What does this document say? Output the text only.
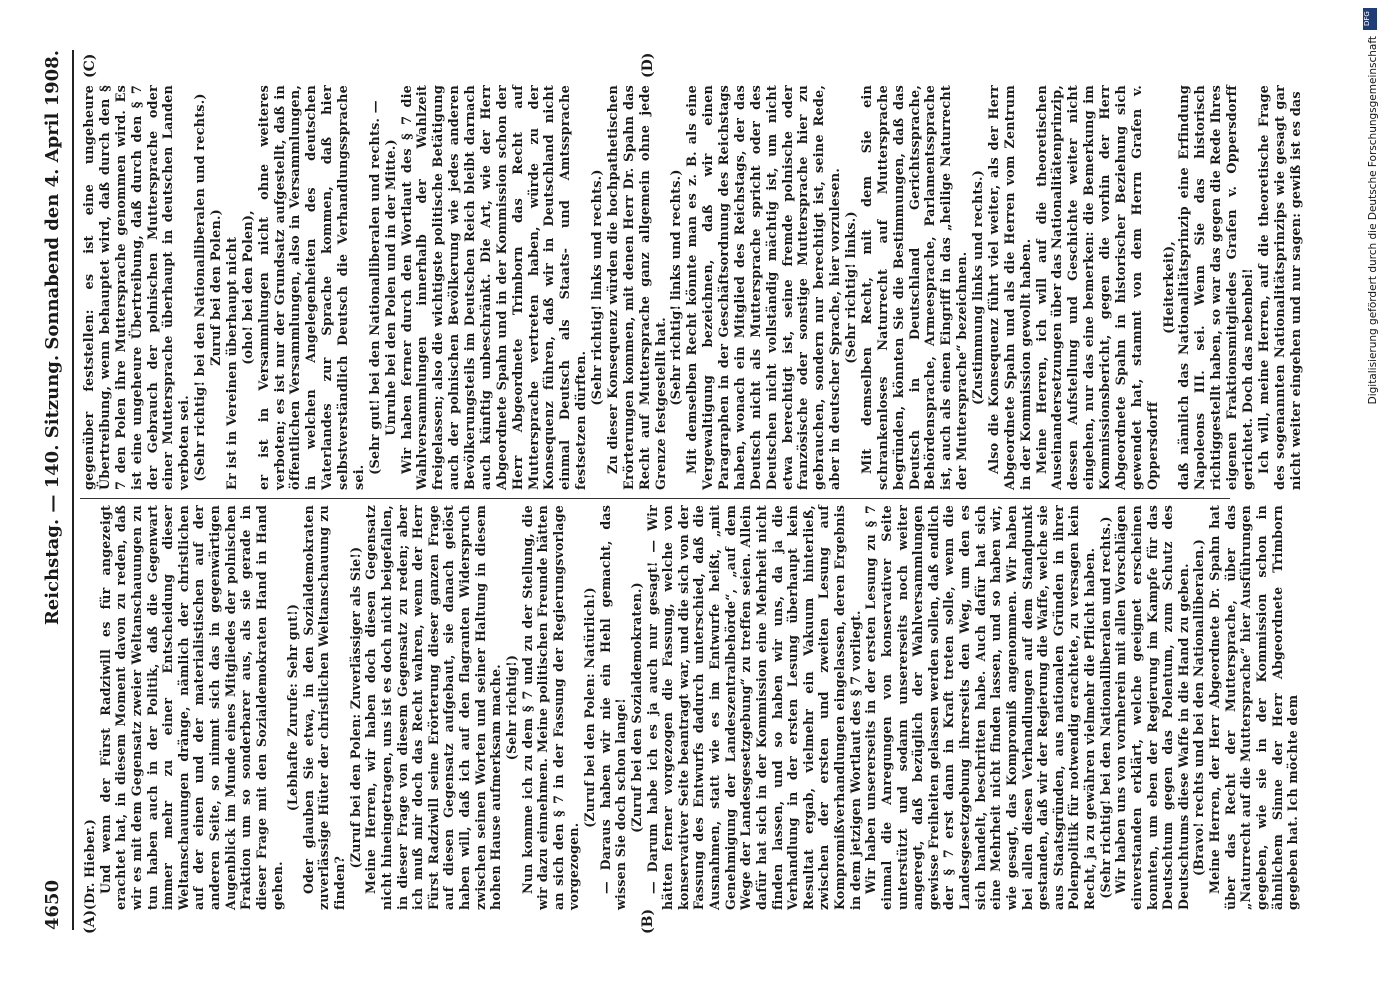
4650
Reichstag. — 140. Sitzung.
Sonnabend den 4. April 1908.
(A)	(B)
(C)	(D)

(Dr. Hieber.) Und wenn der Fürst Radziwill es für angezeigt erachtet hat, in diesem Moment davon zu reden, daß wir es mit dem Gegensatz zweier Weltanschauungen zu tun haben auch in der Politik, daß die Gegenwart immer mehr zu einer Entscheidung dieser Weltanschauungen dränge, nämlich der christlichen auf der einen und der materialistischen auf der anderen Seite, so nimmt sich das in gegenwärtigen Augenblick im Munde eines Mitgliedes der polnischen Fraktion um so sonderbarer aus, als sie gerade in dieser Frage mit den Sozialdemokraten Hand in Hand gehen.

(Lebhafte Zurufe: Sehr gut!) Oder glauben Sie etwa, in den Sozialdemokraten zuverlässige Hüter der christlichen Weltanschauung zu finden?

(Zuruf bei den Polen: Zuverlässiger als Sie!) Meine Herren, wir haben doch diesen Gegensatz nicht hineingetragen, uns ist es doch nicht beigefallen, in dieser Frage von diesem Gegensatz zu reden; aber ich muß mir doch das Recht wahren, wenn der Herr Fürst Radziwill seine Erörterung dieser ganzen Frage auf diesen Gegensatz aufgebaut, sie danach gelöst haben will, daß ich auf den flagranten Widerspruch zwischen seinen Worten und seiner Haltung in diesem hohen Hause aufmerksam mache. (Sehr richtig!) Nun komme ich zu dem § 7 und zu der Stellung, die wir dazu einnehmen. Meine politischen Freunde hätten an sich den § 7 in der Fassung der Regierungsvorlage vorgezogen.

(Zuruf bei den Polen: Natürlich!) — Daraus haben wir nie ein Hehl gemacht, das wissen Sie doch schon lange! (Zuruf bei den Sozialdemokraten.) — Darum habe ich es ja auch nur gesagt! — Wir hätten ferner vorgezogen die Fassung, welche von konservativer Seite beantragt war, und die sich von der Fassung des Entwurfs dadurch unterschied, daß die Ausnahmen, statt wie es im Entwurfe heißt, „mit Genehmigung der Landeszentralbehörde“, „auf dem Wege der Landesgesetzgebung“ zu treffen seien. Allein dafür hat sich in der Kommission eine Mehrheit nicht finden lassen, und so haben wir uns, da ja die Verhandlung in der ersten Lesung überhaupt kein Resultat ergab, vielmehr ein Vakuum hinterließ, zwischen der ersten und zweiten Lesung auf Kompromißverhandlungen eingelassen, deren Ergebnis in dem jetzigen Wortlaut des § 7 vorliegt. Wir haben unsererseits in der ersten Lesung zu § 7 einmal die Anregungen von konservativer Seite unterstützt und sodann unsererseits noch weiter angeregt, daß bezüglich der Wahlversammlungen gewisse Freiheiten gelassen werden sollen, daß endlich der § 7 erst dann in Kraft treten solle, wenn die Landesgesetzgebung ihrerseits den Weg, um den es sich handelt, beschritten habe. Auch dafür hat sich eine Mehrheit nicht finden lassen, und so haben wir, wie gesagt, das Kompromiß angenommen. Wir haben bei allen diesen Verhandlungen auf dem Standpunkt gestanden, daß wir der Regierung die Waffe, welche sie aus Staatsgründen, aus nationalen Gründen in ihrer Polenpolitik für notwendig erachtete, zu versagen kein Recht, ja zu gewähren vielmehr die Pflicht haben. (Sehr richtig! bei den Nationalliberalen und rechts.) Wir haben uns von vornherein mit allen Vorschlägen einverstanden erklärt, welche geeignet erscheinen konnten, um eben der Regierung im Kampfe für das Deutschtum gegen das Polentum, zum Schutz des Deutschtums diese Waffe in die Hand zu geben. (Bravo! rechts und bei den Nationalliberalen.) Meine Herren, der Herr Abgeordnete Dr. Spahn hat über das Recht der Muttersprache, über das „Naturrecht auf die Muttersprache“ hier Ausführungen gegeben, wie sie in der Kommission schon in ähnlichem Sinne der Herr Abgeordnete Trimborn gegeben hat. Ich möchte dem

gegenüber feststellen: es ist eine ungeheure Übertreibung, wenn behauptet wird, daß durch den § 7 den Polen ihre Muttersprache genommen wird. Es ist eine ungeheure Übertreibung, daß durch den § 7 der Gebrauch der polnischen Muttersprache oder einer Muttersprache überhaupt in deutschen Landen verboten sei. (Sehr richtig! bei den Nationalliberalen und rechts.) Zuruf bei den Polen.) Er ist in Vereinen überhaupt nicht (oho! bei den Polen), er ist in Versammlungen nicht ohne weiteres verboten; es ist nur der Grundsatz aufgestellt, daß in öffentlichen Versammlungen, also in Versammlungen, in welchen Angelegenheiten des deutschen Vaterlandes zur Sprache kommen, daß hier selbstverständlich Deutsch die Verhandlungssprache sei.

(Sehr gut! bei den Nationalliberalen und rechts. — Unruhe bei den Polen und in der Mitte.) Wir haben ferner durch den Wortlaut des § 7 die Wahlversammlungen innerhalb der Wahlzeit freigelassen; also die wichtigste politische Betätigung auch der polnischen Bevölkerung wie jedes anderen Bevölkerungsteils im Deutschen Reich bleibt darnach auch künftig unbeschränkt. Die Art, wie der Herr Abgeordnete Spahn und in der Kommission schon der Herr Abgeordnete Trimborn das Recht auf Muttersprache vertreten haben, würde zu der Konsequenz führen, daß wir in Deutschland nicht einmal Deutsch als Staats- und Amtssprache festsetzen dürften.

(Sehr richtig! links und rechts.) Zu dieser Konsequenz würden die hochpathetischen Erörterungen kommen, mit denen Herr Dr. Spahn das Recht auf Muttersprache ganz allgemein ohne jede Grenze festgestellt hat. (Sehr richtig! links und rechts.) Mit demselben Recht könnte man es z. B. als eine Vergewaltigung bezeichnen, daß wir einen Paragraphen in der Geschäftsordnung des Reichstags haben, wonach ein Mitglied des Reichstags, der das Deutsch nicht als Muttersprache spricht oder des Deutschen nicht vollständig mächtig ist, um nicht etwa berechtigt ist, seine fremde polnische oder französische oder sonstige Muttersprache hier zu gebrauchen, sondern nur berechtigt ist, seine Rede, aber in deutscher Sprache, hier vorzulesen. (Sehr richtig! links.) Mit demselben Recht, mit dem Sie ein schrankenloses Naturrecht auf Muttersprache begründen, könnten Sie die Bestimmungen, daß das Deutsch in Deutschland Gerichtssprache, Behördensprache, Armeesprache, Parlamentssprache ist, auch als einen Eingriff in das „heilige Naturrecht der Muttersprache“ bezeichnen. (Zustimmung links und rechts.) Also die Konsequenz führt viel weiter, als der Herr Abgeordnete Spahn und als die Herren vom Zentrum in der Kommission gewollt haben. Meine Herren, ich will auf die theoretischen Auseinandersetzungen über das Nationalitätenprinzip, dessen Aufstellung und Geschichte weiter nicht eingehen, nur das eine bemerken: die Bemerkung im Kommissionsbericht, gegen die vorhin der Herr Abgeordnete Spahn in historischer Beziehung sich gewendet hat, stammt von dem Herrn Grafen v. Oppersdorff

(Heiterkeit), daß nämlich das Nationalitätsprinzip eine Erfindung Napoleons III. sei. Wenn Sie das historisch richtiggestellt haben, so war das gegen die Rede Ihres eigenen Fraktionsmitgliedes Grafen v. Oppersdorff gerichtet. Doch das nebenbei! Ich will, meine Herren, auf die theoretische Frage des sogenannten Nationalitätsprinzips wie gesagt gar nicht weiter eingehen und nur sagen: gewiß ist es das

DFG
Digitalisierung gefördert durch die Deutsche Forschungsgemeinschaft
